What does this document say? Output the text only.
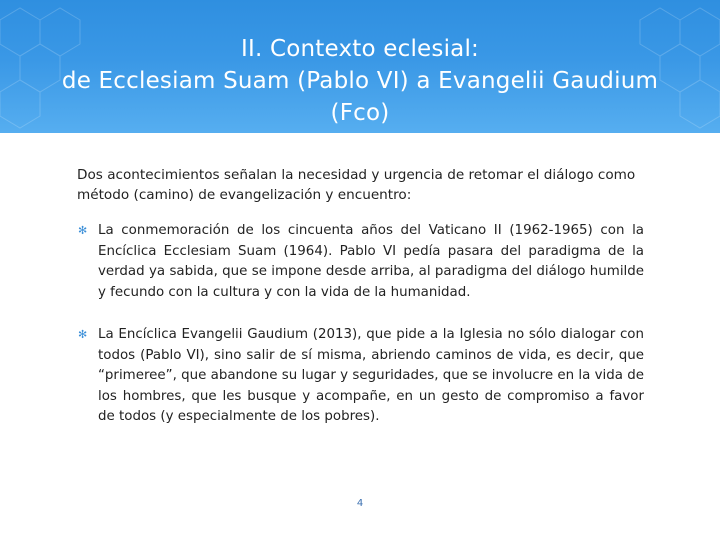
II. Contexto eclesial:
de Ecclesiam Suam (Pablo VI) a Evangelii Gaudium
(Fco)

Dos acontecimientos señalan la necesidad y urgencia de retomar el diálogo como método (camino) de evangelización y encuentro:

✻ La conmemoración de los cincuenta años del Vaticano II (1962-1965) con la Encíclica Ecclesiam Suam (1964). Pablo VI pedía pasara del paradigma de la verdad ya sabida, que se impone desde arriba, al paradigma del diálogo humilde y fecundo con la cultura y con la vida de la humanidad.
✻ La Encíclica Evangelii Gaudium (2013), que pide a la Iglesia no sólo dialogar con todos (Pablo VI), sino salir de sí misma, abriendo caminos de vida, es decir, que “primeree”, que abandone su lugar y seguridades, que se involucre en la vida de los hombres, que les busque y acompañe, en un gesto de compromiso a favor de todos (y especialmente de los pobres).
4
